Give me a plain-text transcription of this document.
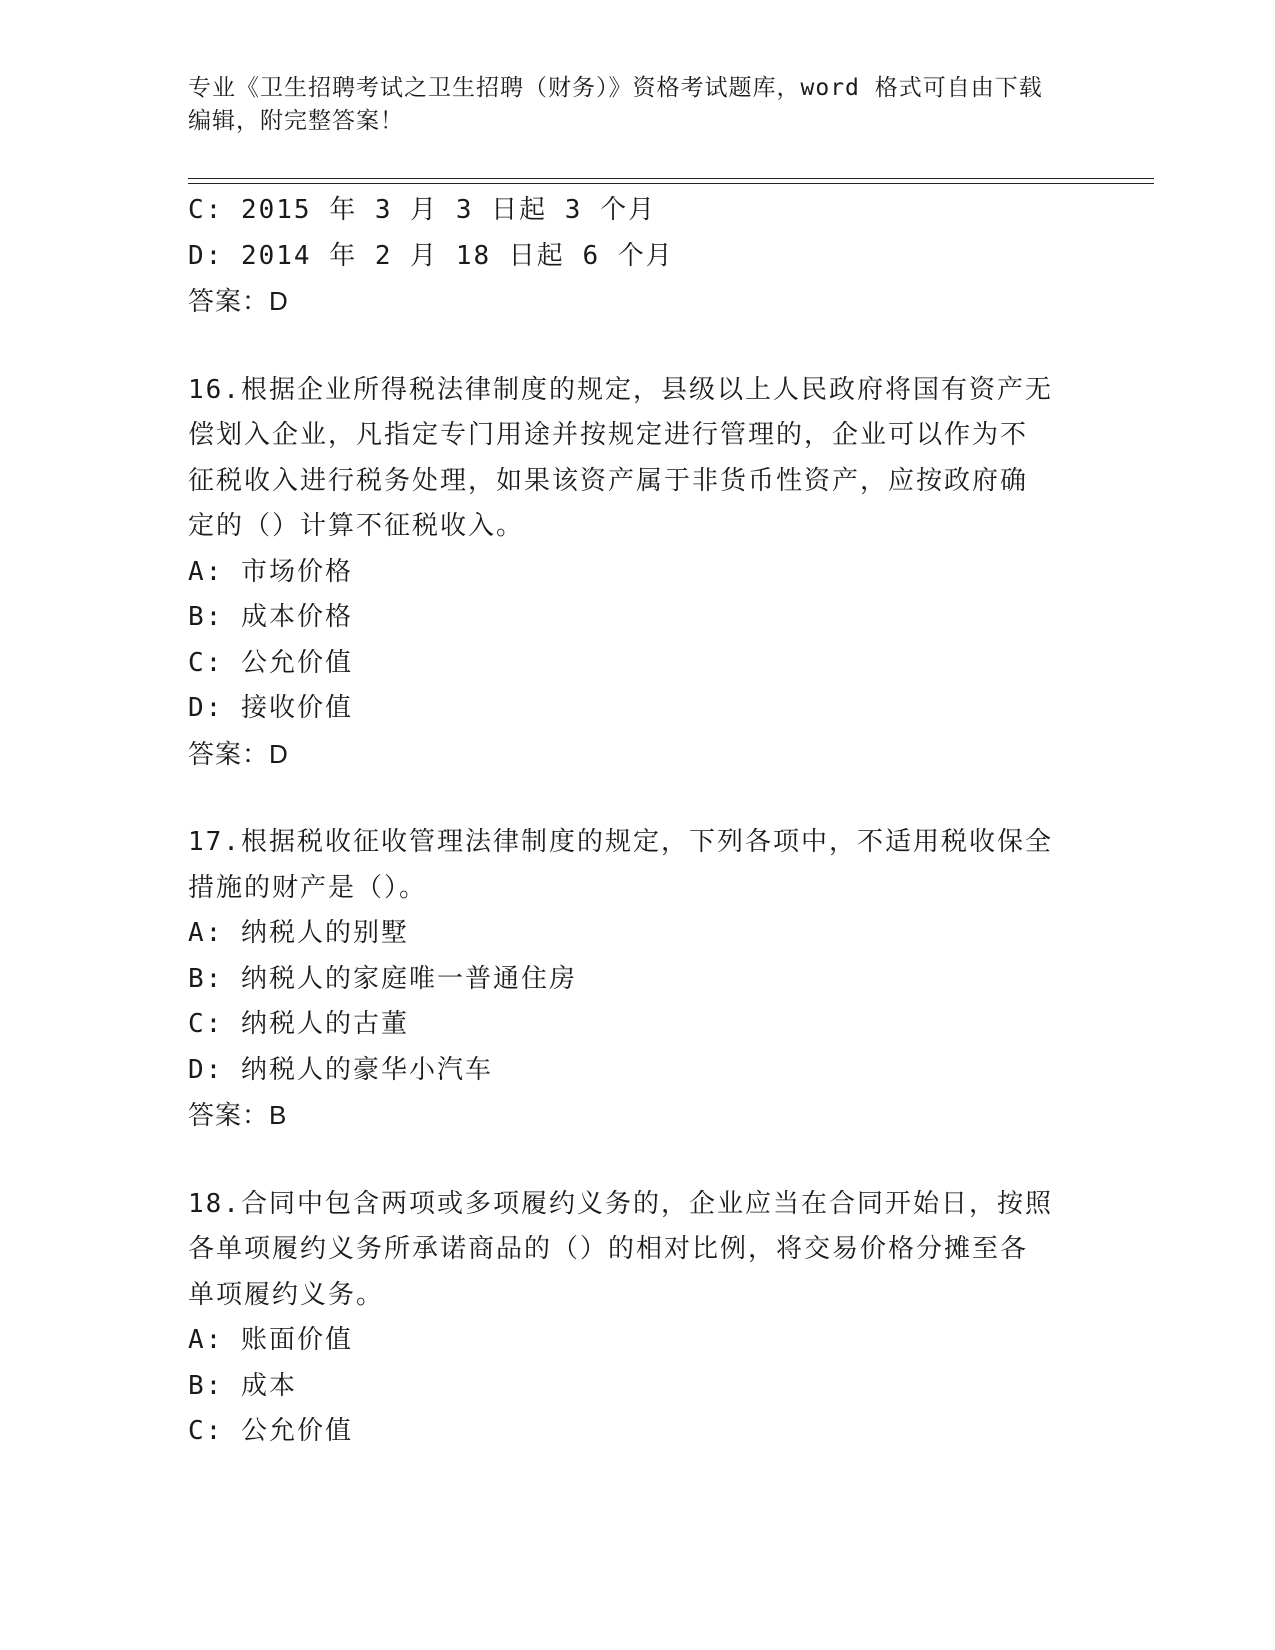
专业《卫生招聘考试之卫生招聘（财务）》资格考试题库，word 格式可自由下载
编辑，附完整答案！
C: 2015 年 3 月 3 日起 3 个月
D: 2014 年 2 月 18 日起 6 个月
答案：D
16.根据企业所得税法律制度的规定，县级以上人民政府将国有资产无
偿划入企业，凡指定专门用途并按规定进行管理的，企业可以作为不
征税收入进行税务处理，如果该资产属于非货币性资产，应按政府确
定的（）计算不征税收入。
A: 市场价格
B: 成本价格
C: 公允价值
D: 接收价值
答案：D
17.根据税收征收管理法律制度的规定，下列各项中，不适用税收保全
措施的财产是（）。
A: 纳税人的别墅
B: 纳税人的家庭唯一普通住房
C: 纳税人的古董
D: 纳税人的豪华小汽车
答案：B
18.合同中包含两项或多项履约义务的，企业应当在合同开始日，按照
各单项履约义务所承诺商品的（）的相对比例，将交易价格分摊至各
单项履约义务。
A: 账面价值
B: 成本
C: 公允价值
